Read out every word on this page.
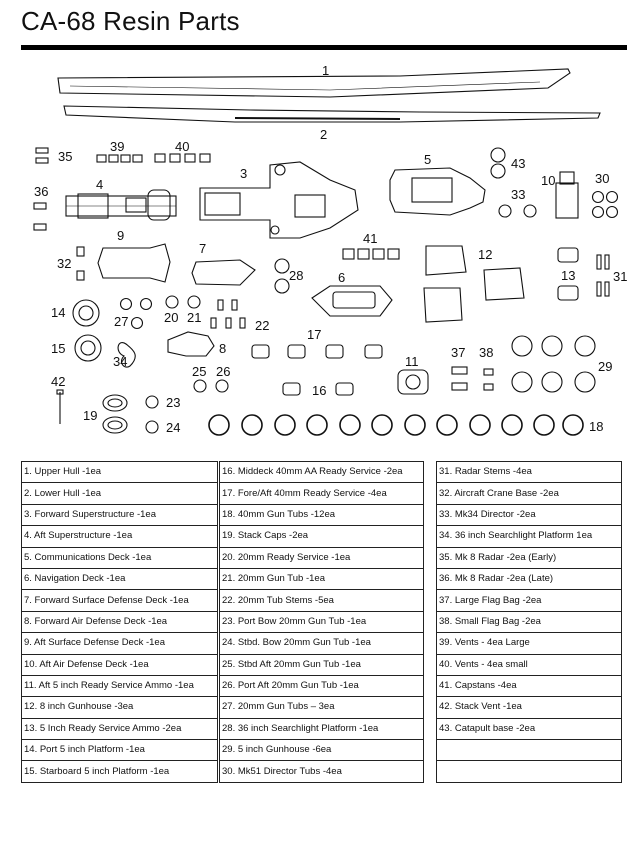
CA-68 Resin Parts
1
2
3
4
5
6
7
8
9
10
11
12
13
14
15
16
17
18
19
20 21
22
23
24
25 26
27
28
29
30
31
32
33
34
35
36
37 38
39	40
41
42
43
1. Upper Hull -1ea
2. Lower Hull -1ea
3. Forward Superstructure -1ea
4. Aft Superstructure -1ea
5. Communications Deck -1ea
6. Navigation Deck -1ea
7. Forward Surface Defense Deck -1ea
8. Forward Air Defense Deck -1ea
9. Aft Surface Defense Deck -1ea
10. Aft Air Defense Deck -1ea
11. Aft 5 inch Ready Service Ammo -1ea
12. 8 inch Gunhouse -3ea
13. 5 Inch Ready Service Ammo -2ea
14. Port 5 inch Platform -1ea
15. Starboard 5 inch Platform -1ea
16. Middeck 40mm AA Ready Service -2ea
17. Fore/Aft 40mm Ready Service -4ea
18. 40mm Gun Tubs -12ea
19. Stack Caps -2ea
20. 20mm Ready Service -1ea
21. 20mm Gun Tub -1ea
22. 20mm Tub Stems -5ea
23. Port Bow 20mm Gun Tub -1ea
24. Stbd. Bow 20mm Gun Tub -1ea
25. Stbd Aft 20mm Gun Tub -1ea
26. Port Aft 20mm Gun Tub -1ea
27. 20mm Gun Tubs – 3ea
28. 36 inch Searchlight Platform -1ea
29. 5 inch Gunhouse -6ea
30. Mk51 Director Tubs -4ea
31. Radar Stems -4ea
32. Aircraft Crane Base -2ea
33. Mk34 Director -2ea
34. 36 inch Searchlight Platform 1ea
35. Mk 8 Radar -2ea (Early)
36. Mk 8 Radar -2ea (Late)
37. Large Flag Bag -2ea
38. Small Flag Bag -2ea
39. Vents - 4ea Large
40. Vents - 4ea small
41. Capstans -4ea
42. Stack Vent -1ea
43. Catapult base -2ea
